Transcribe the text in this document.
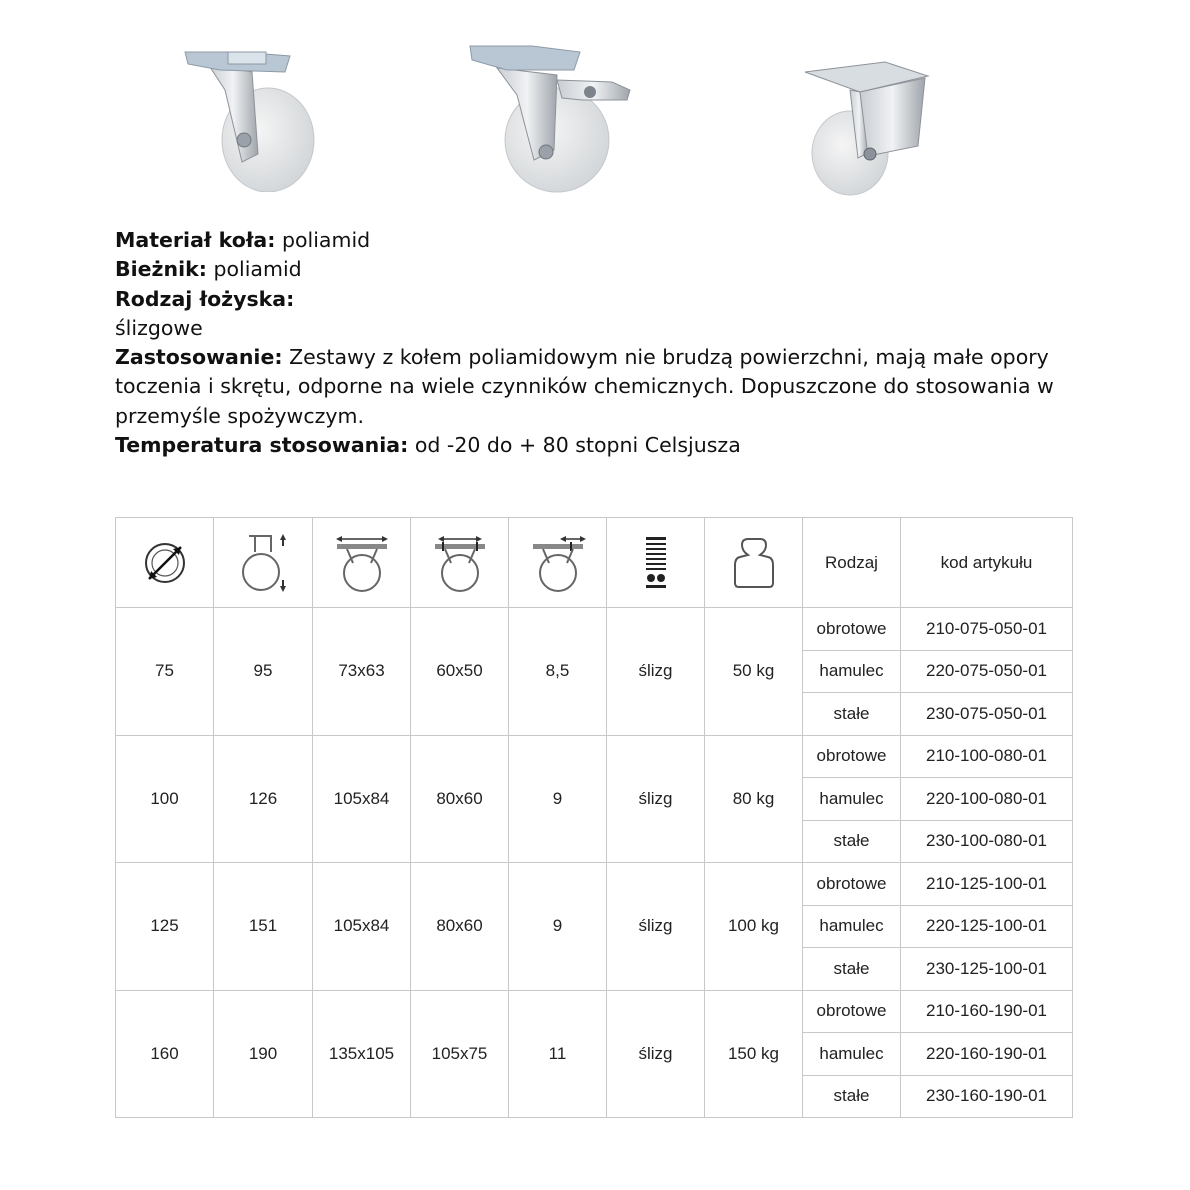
Materiał koła: poliamid

Bieżnik: poliamid

Rodzaj łożyska:

ślizgowe

Zastosowanie: Zestawy z kołem poliamidowym nie brudzą powierzchni, mają małe opory toczenia i skrętu, odporne na wiele czynników chemicznych. Dopuszczone do stosowania w przemyśle spożywczym.

Temperatura stosowania: od -20 do + 80 stopni Celsjusza

	Rodzaj	kod artykułu
75	95	73x63	60x50	8,5	ślizg	50 kg	obrotowe	210-075-050-01
							hamulec	220-075-050-01
							stałe	230-075-050-01
100	126	105x84	80x60	9	ślizg	80 kg	obrotowe	210-100-080-01
							hamulec	220-100-080-01
							stałe	230-100-080-01
125	151	105x84	80x60	9	ślizg	100 kg	obrotowe	210-125-100-01
							hamulec	220-125-100-01
							stałe	230-125-100-01
160	190	135x105	105x75	11	ślizg	150 kg	obrotowe	210-160-190-01
							hamulec	220-160-190-01
							stałe	230-160-190-01
